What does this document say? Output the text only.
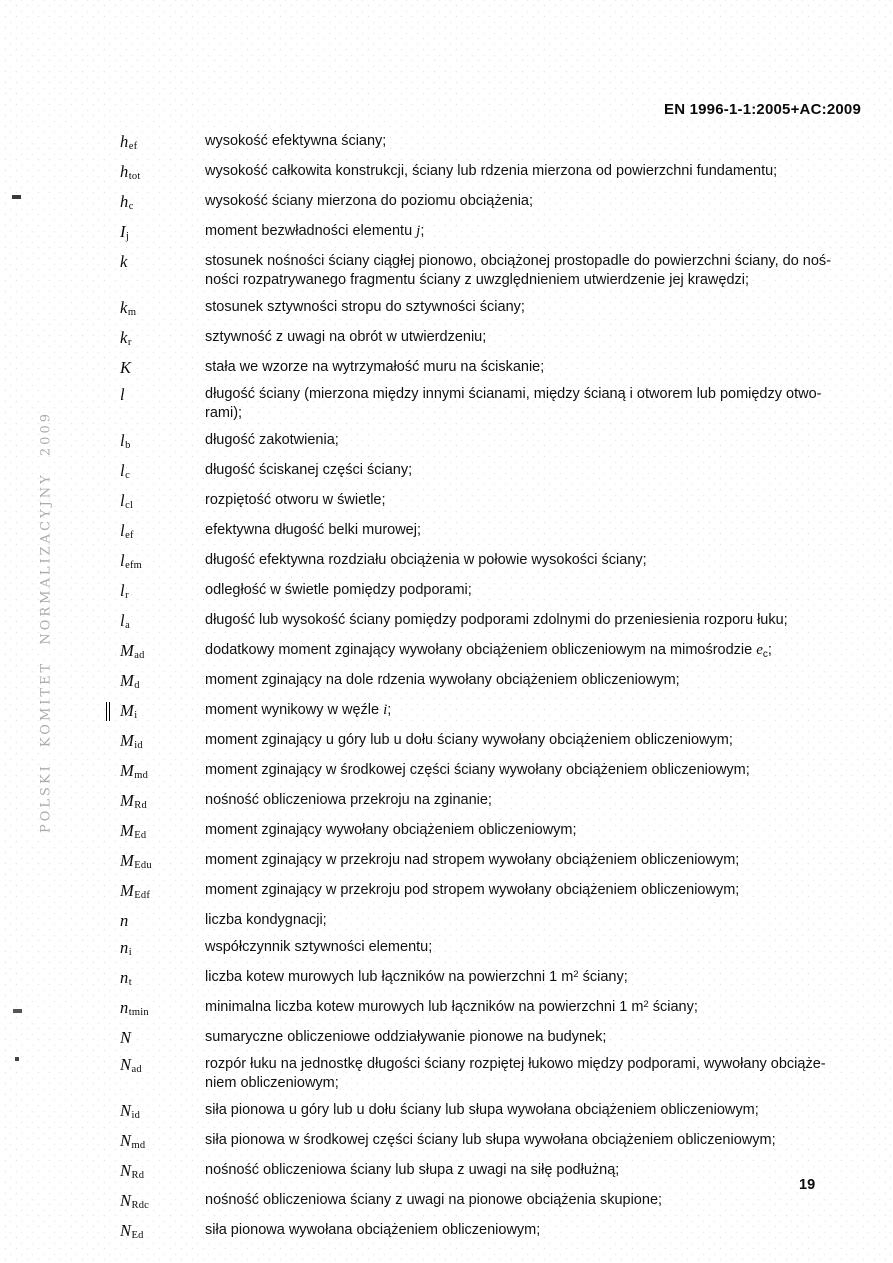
EN 1996-1-1:2005+AC:2009
POLSKI KOMITET NORMALIZACYJNY 2009
$h_{ef}$	wysokość efektywna ściany;
$h_{tot}$	wysokość całkowita konstrukcji, ściany lub rdzenia mierzona od powierzchni fundamentu;
$h_c$	wysokość ściany mierzona do poziomu obciążenia;
$I_j$	moment bezwładności elementu j;
k	stosunek nośności ściany ciągłej pionowo, obciążonej prostopadle do powierzchni ściany, do noś-
ności rozpatrywanego fragmentu ściany z uwzględnieniem utwierdzenie jej krawędzi;
$k_m$	stosunek sztywności stropu do sztywności ściany;
$k_r$	sztywność z uwagi na obrót w utwierdzeniu;
K	stała we wzorze na wytrzymałość muru na ściskanie;
l	długość ściany (mierzona między innymi ścianami, między ścianą i otworem lub pomiędzy otwo-
rami);
$l_b$	długość zakotwienia;
$l_c$	długość ściskanej części ściany;
$l_{cl}$	rozpiętość otworu w świetle;
$l_{ef}$	efektywna długość belki murowej;
$l_{efm}$	długość efektywna rozdziału obciążenia w połowie wysokości ściany;
$l_r$	odległość w świetle pomiędzy podporami;
$l_a$	długość lub wysokość ściany pomiędzy podporami zdolnymi do przeniesienia rozporu łuku;
$M_{ad}$	dodatkowy moment zginający wywołany obciążeniem obliczeniowym na mimośrodzie $e_c$;
$M_d$	moment zginający na dole rdzenia wywołany obciążeniem obliczeniowym;
$M_i$	moment wynikowy w węźle i;
$M_{id}$	moment zginający u góry lub u dołu ściany wywołany obciążeniem obliczeniowym;
$M_{md}$	moment zginający w środkowej części ściany wywołany obciążeniem obliczeniowym;
$M_{Rd}$	nośność obliczeniowa przekroju na zginanie;
$M_{Ed}$	moment zginający wywołany obciążeniem obliczeniowym;
$M_{Edu}$	moment zginający w przekroju nad stropem wywołany obciążeniem obliczeniowym;
$M_{Edf}$	moment zginający w przekroju pod stropem wywołany obciążeniem obliczeniowym;
n	liczba kondygnacji;
$n_i$	współczynnik sztywności elementu;
$n_t$	liczba kotew murowych lub łączników na powierzchni 1 $m^2$ ściany;
$n_{tmin}$	minimalna liczba kotew murowych lub łączników na powierzchni 1 $m^2$ ściany;
N	sumaryczne obliczeniowe oddziaływanie pionowe na budynek;
$N_{ad}$	rozpór łuku na jednostkę długości ściany rozpiętej łukowo między podporami, wywołany obciąże-
niem obliczeniowym;
$N_{id}$	siła pionowa u góry lub u dołu ściany lub słupa wywołana obciążeniem obliczeniowym;
$N_{md}$	siła pionowa w środkowej części ściany lub słupa wywołana obciążeniem obliczeniowym;
$N_{Rd}$	nośność obliczeniowa ściany lub słupa z uwagi na siłę podłużną;
$N_{Rdc}$	nośność obliczeniowa ściany z uwagi na pionowe obciążenia skupione;
$N_{Ed}$	siła pionowa wywołana obciążeniem obliczeniowym;
19
